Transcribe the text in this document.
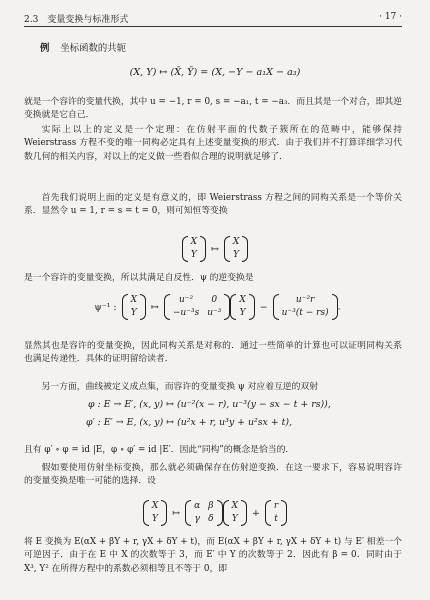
2.3　变量变换与标准形式	· 17 ·
例 坐标函数的共轭
(X, Y) ↦ (X̄, Ȳ) = (X, −Y − a₁X − a₃)
就是一个容许的变量代换，其中 u = −1, r = 0, s = −a₁, t = −a₃．而且其是一个对合，即其逆变换就是它自己．
实际上以上的定义是一个定理：在仿射平面的代数子簇所在的范畴中，能够保持 Weierstrass 方程不变的唯一同构必定具有上述变量变换的形式．由于我们并不打算详细学习代数几何的相关内容，对以上的定义做一些看似合理的说明就足够了．
首先我们说明上面的定义是有意义的，即 Weierstrass 方程之间的同构关系是一个等价关系．显然令 u = 1, r = s = t = 0，则可知恒等变换
X
Y
↦
X
Y
是一个容许的变量变换，所以其满足自反性．ψ 的逆变换是
ψ⁻¹ :
X
Y
↦
u⁻²	0
−u⁻³s	u⁻³
X
Y
−
u⁻²r
u⁻³(t − rs)
.
显然其也是容许的变量变换，因此同构关系是对称的．通过一些简单的计算也可以证明同构关系也满足传递性．具体的证明留给读者．
另一方面，曲线被定义成点集，而容许的变量变换 ψ 对应着互逆的双射
φ : E → E′, (x, y) ↦ (u⁻²(x − r), u⁻³(y − sx − t + rs)),
φ′ : E′ → E, (x, y) ↦ (u²x + r, u³y + u²sx + t),
且有 φ′ ∘ φ = id |E，φ ∘ φ′ = id |E′．因此“同构”的概念是恰当的．
假如要使用仿射坐标变换，那么就必须确保存在仿射逆变换．在这一要求下，容易说明容许的变量变换是唯一可能的选择．设
X
Y
↦
α	β
γ	δ
X
Y
+
r
t
将 E 变换为 E(αX + βY + r, γX + δY + t)，而 E(αX + βY + r, γX + δY + t) 与 E′ 相差一个可逆因子．由于在 E 中 X 的次数等于 3，而 E′ 中 Y 的次数等于 2．因此有 β = 0．同时由于 X³, Y² 在所得方程中的系数必须相等且不等于 0，即
